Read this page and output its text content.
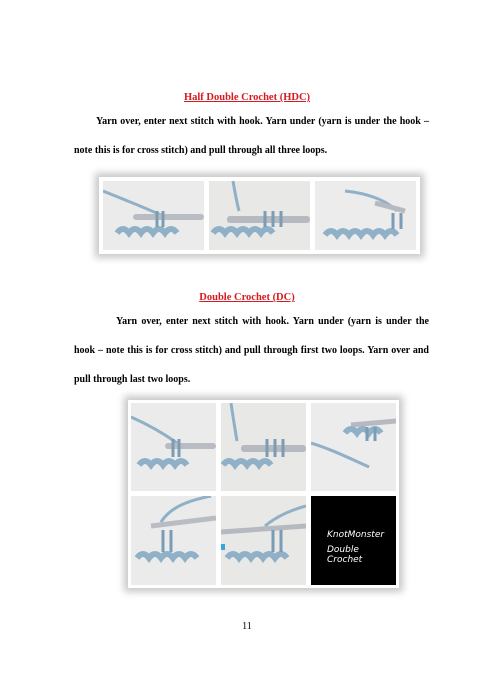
Half Double Crochet (HDC)

Yarn over, enter next stitch with hook. Yarn under (yarn is under the hook – note this is for cross stitch) and pull through all three loops.

Double Crochet (DC)

Yarn over, enter next stitch with hook. Yarn under (yarn is under the hook – note this is for cross stitch) and pull through first two loops. Yarn over and pull through last two loops.

KnotMonster
Double Crochet
11
